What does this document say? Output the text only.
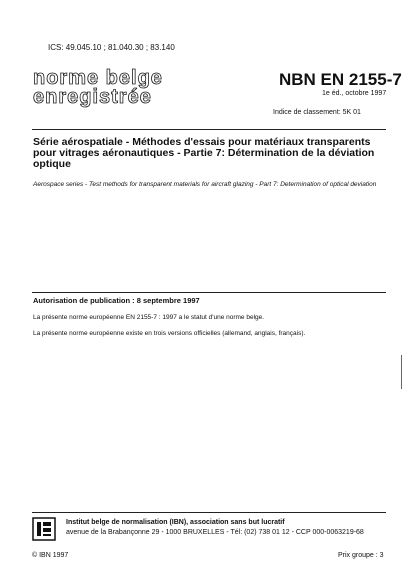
ICS: 49.045.10 ; 81.040.30 ; 83.140

norme belge
enregistrée

NBN EN 2155-7

1e éd., octobre 1997

Indice de classement: 5K 01

Série aérospatiale - Méthodes d'essais pour matériaux transparents pour vitrages aéronautiques - Partie 7: Détermination de la déviation optique

Aerospace series - Test methods for transparent materials for aircraft glazing - Part 7: Determination of optical deviation

Autorisation de publication : 8 septembre 1997

La présente norme européenne EN 2155-7 : 1997 a le statut d'une norme belge.

La présente norme européenne existe en trois versions officielles (allemand, anglais, français).

Institut belge de normalisation (IBN), association sans but lucratif

avenue de la Brabançonne 29 - 1000 BRUXELLES - Tél: (02) 738 01 12 - CCP 000-0063219-68

© IBN 1997	Prix groupe : 3
